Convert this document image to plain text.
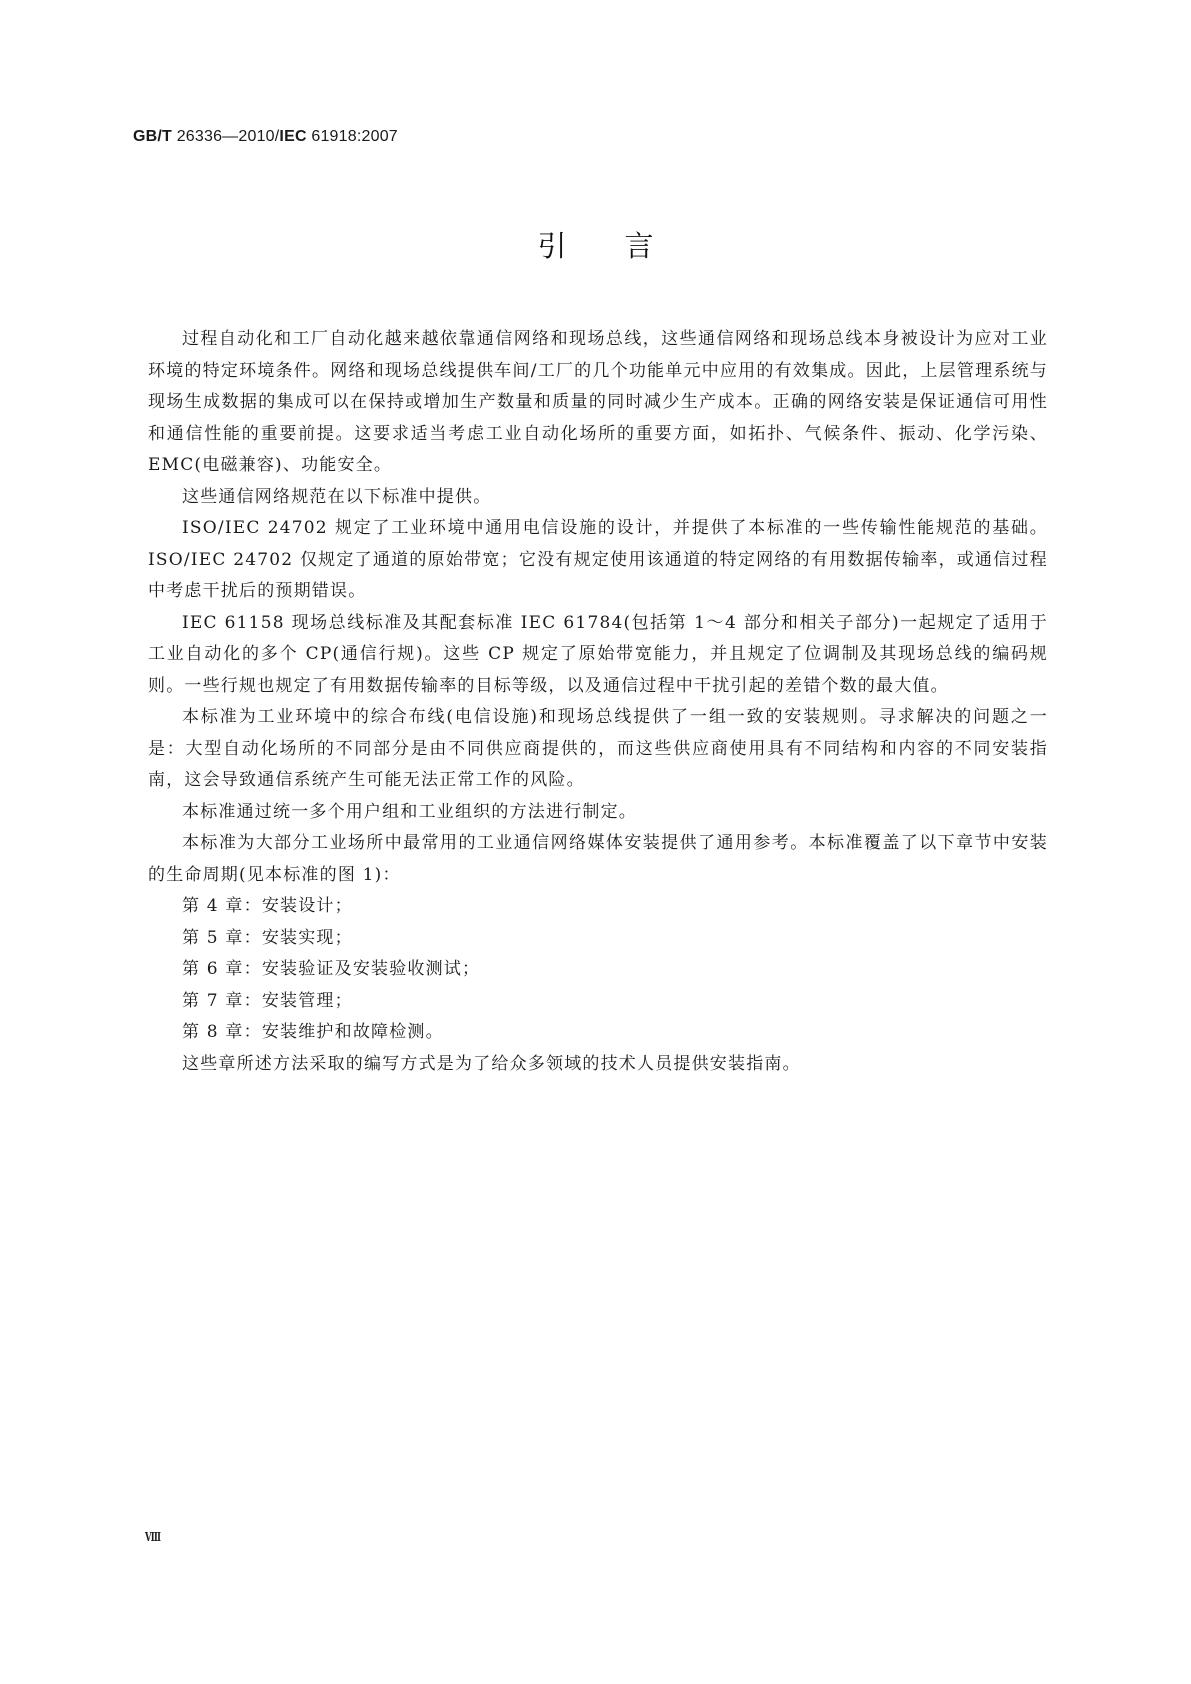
GB/T 26336—2010/IEC 61918:2007
引言

过程自动化和工厂自动化越来越依靠通信网络和现场总线，这些通信网络和现场总线本身被设计为应对工业环境的特定环境条件。网络和现场总线提供车间/工厂的几个功能单元中应用的有效集成。因此，上层管理系统与现场生成数据的集成可以在保持或增加生产数量和质量的同时减少生产成本。正确的网络安装是保证通信可用性和通信性能的重要前提。这要求适当考虑工业自动化场所的重要方面，如拓扑、气候条件、振动、化学污染、EMC(电磁兼容)、功能安全。

这些通信网络规范在以下标准中提供。

ISO/IEC 24702 规定了工业环境中通用电信设施的设计，并提供了本标准的一些传输性能规范的基础。ISO/IEC 24702 仅规定了通道的原始带宽；它没有规定使用该通道的特定网络的有用数据传输率，或通信过程中考虑干扰后的预期错误。

IEC 61158 现场总线标准及其配套标准 IEC 61784(包括第 1～4 部分和相关子部分)一起规定了适用于工业自动化的多个 CP(通信行规)。这些 CP 规定了原始带宽能力，并且规定了位调制及其现场总线的编码规则。一些行规也规定了有用数据传输率的目标等级，以及通信过程中干扰引起的差错个数的最大值。

本标准为工业环境中的综合布线(电信设施)和现场总线提供了一组一致的安装规则。寻求解决的问题之一是：大型自动化场所的不同部分是由不同供应商提供的，而这些供应商使用具有不同结构和内容的不同安装指南，这会导致通信系统产生可能无法正常工作的风险。

本标准通过统一多个用户组和工业组织的方法进行制定。

本标准为大部分工业场所中最常用的工业通信网络媒体安装提供了通用参考。本标准覆盖了以下章节中安装的生命周期(见本标准的图 1)：

第 4 章：安装设计；

第 5 章：安装实现；

第 6 章：安装验证及安装验收测试；

第 7 章：安装管理；

第 8 章：安装维护和故障检测。

这些章所述方法采取的编写方式是为了给众多领域的技术人员提供安装指南。

Ⅷ
